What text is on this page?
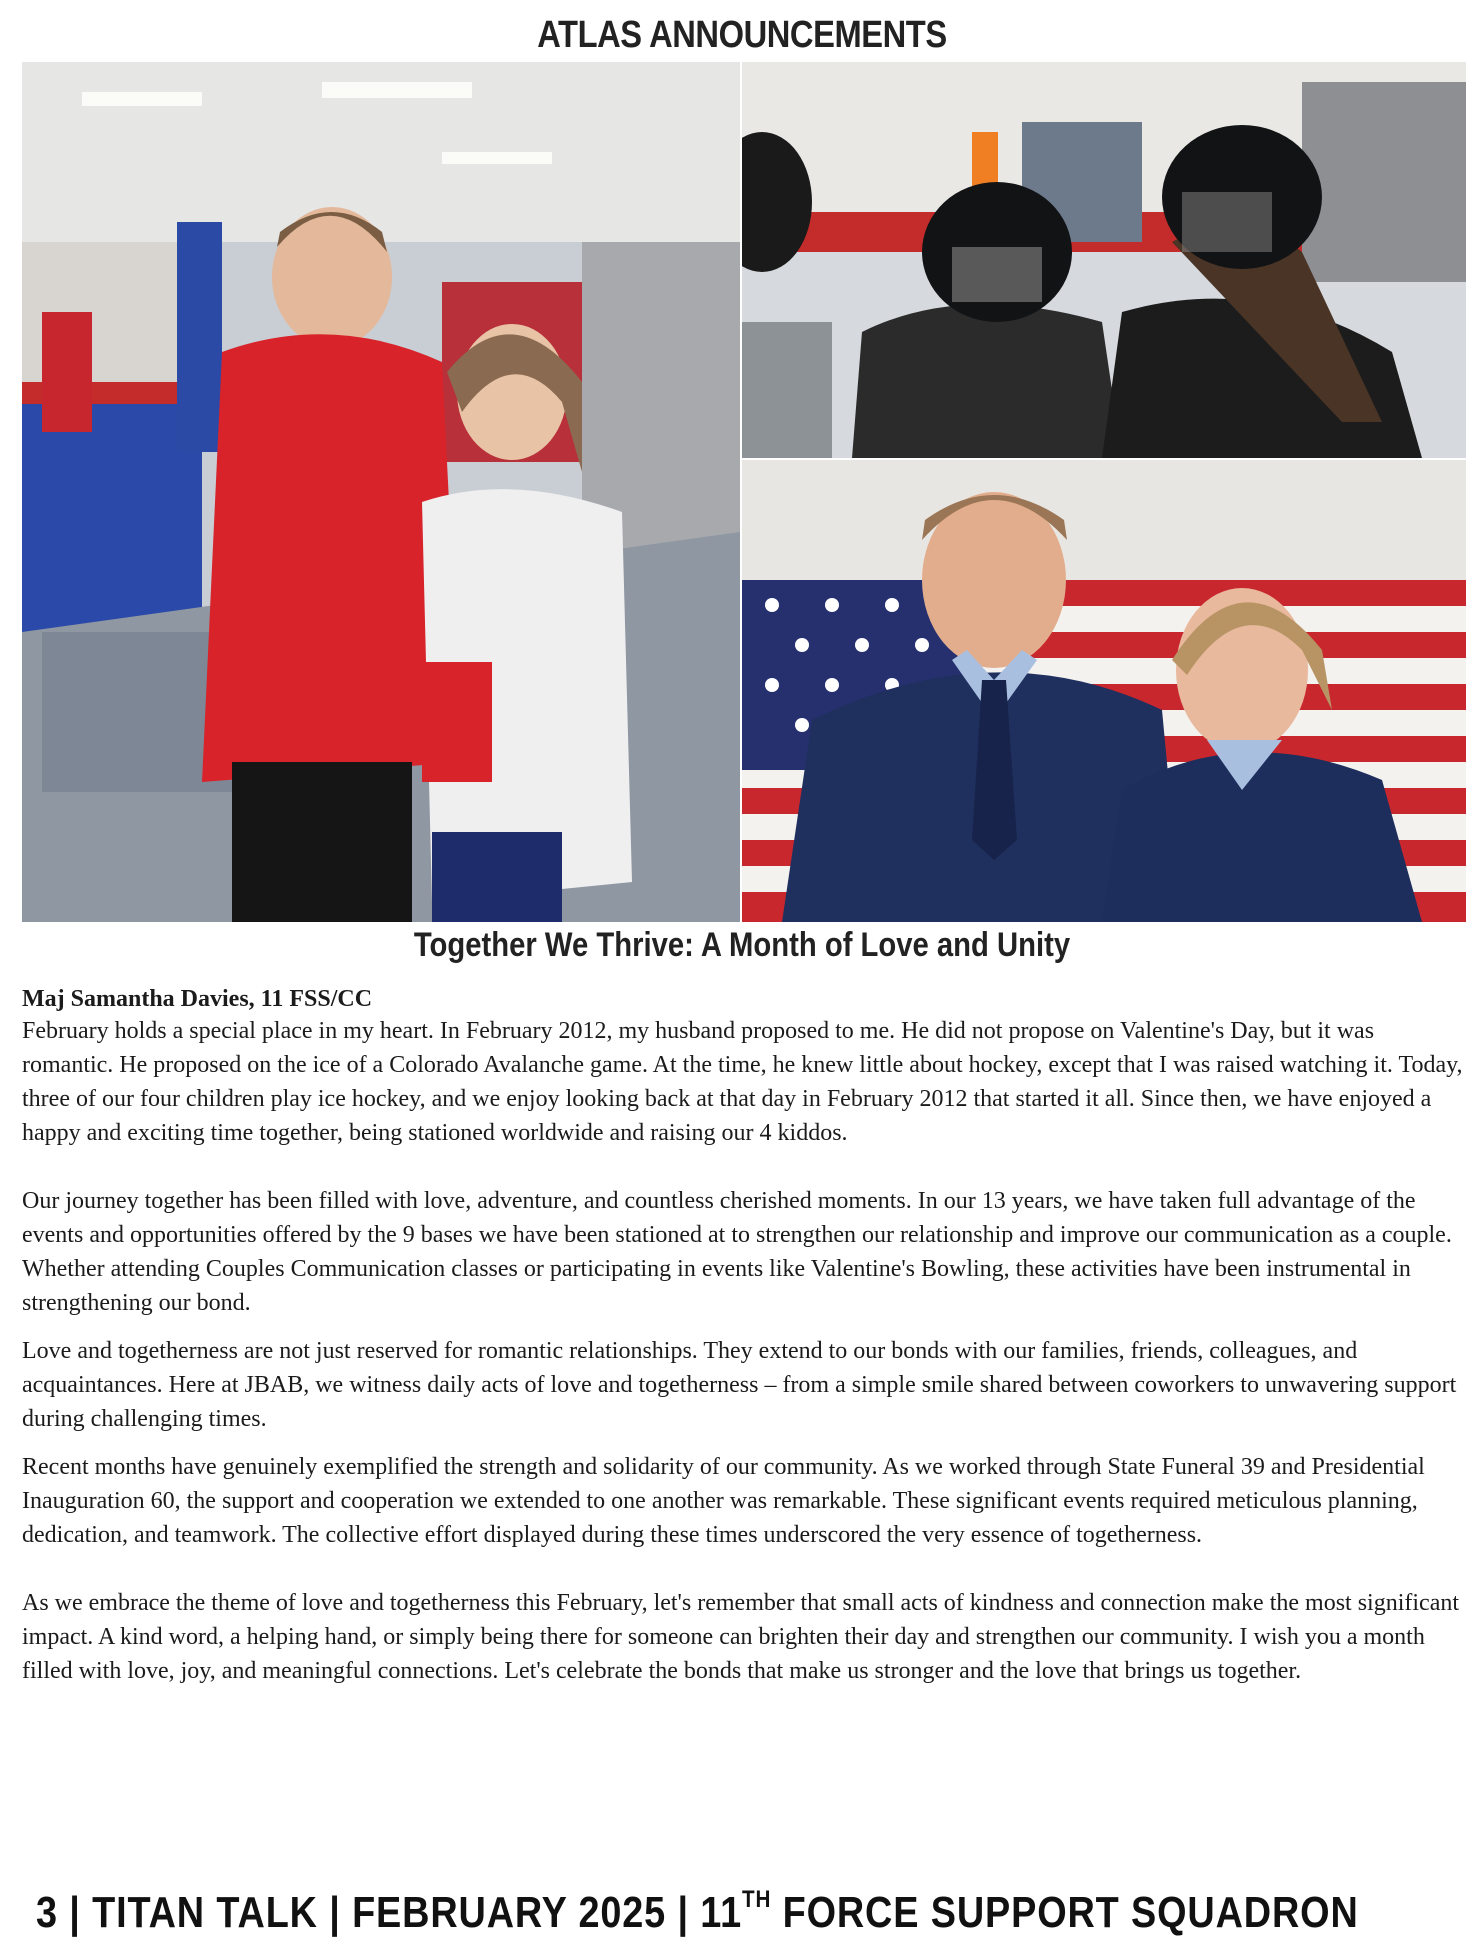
ATLAS ANNOUNCEMENTS
Together We Thrive: A Month of Love and Unity
Maj Samantha Davies, 11 FSS/CC

February holds a special place in my heart. In February 2012, my husband proposed to me. He did not propose on Valentine's Day, but it was romantic. He proposed on the ice of a Colorado Avalanche game. At the time, he knew little about hockey, except that I was raised watching it. Today, three of our four children play ice hockey, and we enjoy looking back at that day in February 2012 that started it all. Since then, we have enjoyed a happy and exciting time together, being stationed worldwide and raising our 4 kiddos.

Our journey together has been filled with love, adventure, and countless cherished moments. In our 13 years, we have taken full advantage of the events and opportunities offered by the 9 bases we have been stationed at to strengthen our relationship and improve our communication as a couple. Whether attending Couples Communication classes or participating in events like Valentine's Bowling, these activities have been instrumental in strengthening our bond.

Love and togetherness are not just reserved for romantic relationships. They extend to our bonds with our families, friends, colleagues, and acquaintances. Here at JBAB, we witness daily acts of love and togetherness – from a simple smile shared between coworkers to unwavering support during challenging times.

Recent months have genuinely exemplified the strength and solidarity of our community. As we worked through State Funeral 39 and Presidential Inauguration 60, the support and cooperation we extended to one another was remarkable. These significant events required meticulous planning, dedication, and teamwork. The collective effort displayed during these times underscored the very essence of togetherness.

As we embrace the theme of love and togetherness this February, let's remember that small acts of kindness and connection make the most significant impact. A kind word, a helping hand, or simply being there for someone can brighten their day and strengthen our community. I wish you a month filled with love, joy, and meaningful connections. Let's celebrate the bonds that make us stronger and the love that brings us together.

3 | TITAN TALK | FEBRUARY 2025 | 11TH FORCE SUPPORT SQUADRON
